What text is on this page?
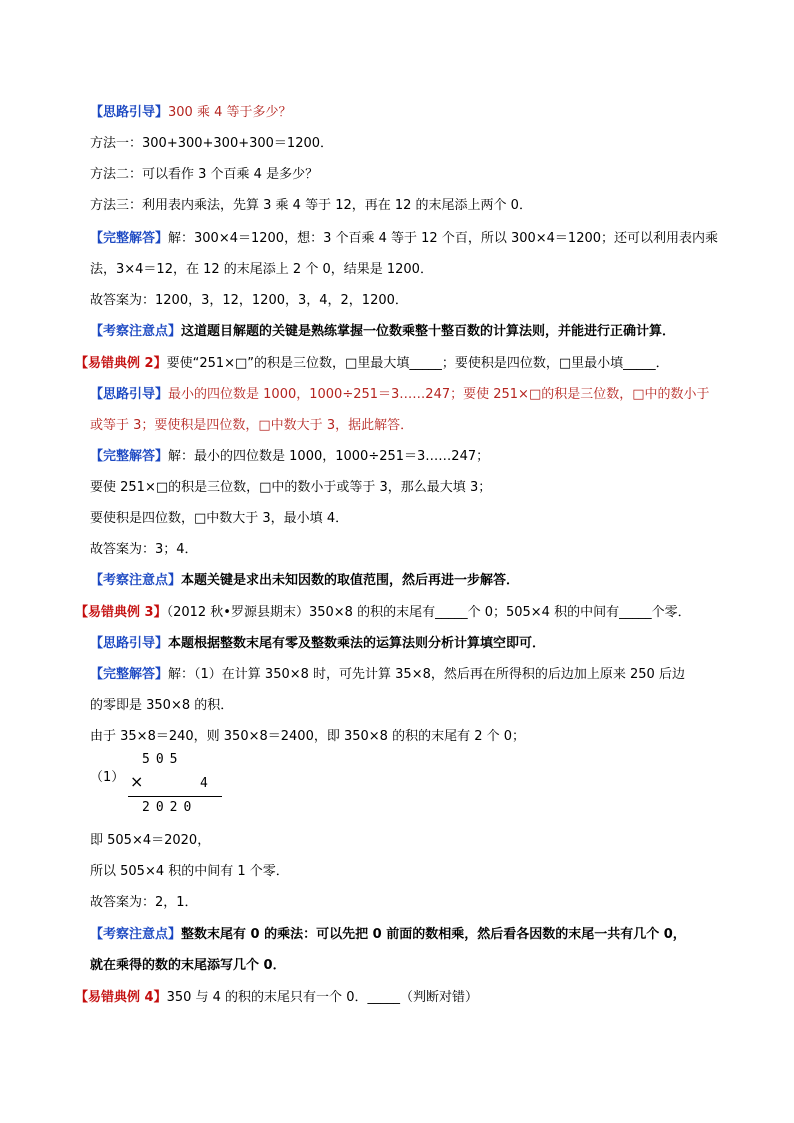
【思路引导】300 乘 4 等于多少？
方法一：300+300+300+300＝1200．
方法二：可以看作 3 个百乘 4 是多少？
方法三：利用表内乘法，先算 3 乘 4 等于 12，再在 12 的末尾添上两个 0．
【完整解答】解：300×4＝1200，想：3 个百乘 4 等于 12 个百，所以 300×4＝1200；还可以利用表内乘
法，3×4＝12，在 12 的末尾添上 2 个 0，结果是 1200．
故答案为：1200，3，12，1200，3，4，2，1200．
【考察注意点】这道题目解题的关键是熟练掌握一位数乘整十整百数的计算法则，并能进行正确计算．
【易错典例 2】要使“251×□”的积是三位数，□里最大填_____；要使积是四位数，□里最小填_____．
【思路引导】最小的四位数是 1000，1000÷251＝3……247；要使 251×□的积是三位数，□中的数小于
或等于 3；要使积是四位数，□中数大于 3，据此解答．
【完整解答】解：最小的四位数是 1000，1000÷251＝3……247；
要使 251×□的积是三位数，□中的数小于或等于 3，那么最大填 3；
要使积是四位数，□中数大于 3，最小填 4．
故答案为：3；4．
【考察注意点】本题关键是求出未知因数的取值范围，然后再进一步解答．
【易错典例 3】（2012 秋•罗源县期末）350×8 的积的末尾有_____个 0；505×4 积的中间有_____个零．
【思路引导】本题根据整数末尾有零及整数乘法的运算法则分析计算填空即可．
【完整解答】解：（1）在计算 350×8 时，可先计算 35×8，然后再在所得积的后边加上原来 250 后边
的零即是 350×8 的积．
由于 35×8＝240，则 350×8＝2400，即 350×8 的积的末尾有 2 个 0；
（1）
505
×	4
2020
即 505×4＝2020，
所以 505×4 积的中间有 1 个零．
故答案为：2，1．
【考察注意点】整数末尾有 0 的乘法：可以先把 0 前面的数相乘，然后看各因数的末尾一共有几个 0，
就在乘得的数的末尾添写几个 0．
【易错典例 4】350 与 4 的积的末尾只有一个 0．_____（判断对错）
